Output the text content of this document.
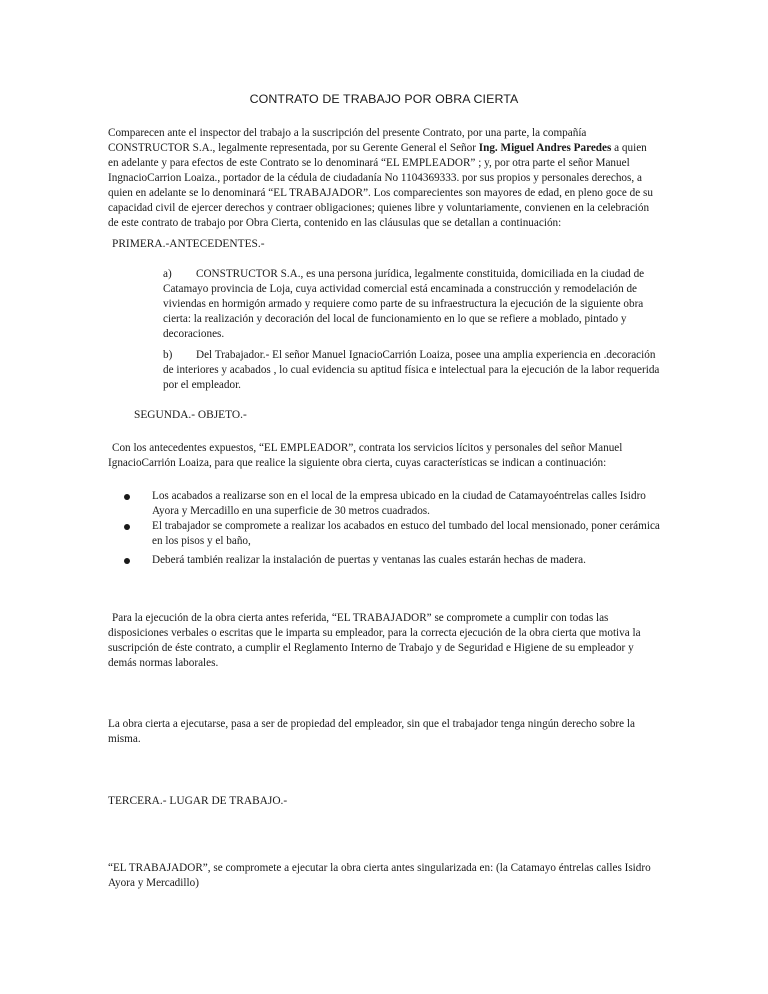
CONTRATO DE TRABAJO POR OBRA CIERTA
Comparecen ante el inspector del trabajo a la suscripción del presente Contrato, por una parte, la compañía CONSTRUCTOR S.A., legalmente representada, por su Gerente General el Señor Ing. Miguel Andres Paredes a quien en adelante y para efectos de este Contrato se lo denominará “EL EMPLEADOR” ; y, por otra parte el señor Manuel IngnacioCarrion Loaiza., portador de la cédula de ciudadanía No 1104369333. por sus propios y personales derechos, a quien en adelante se lo denominará “EL TRABAJADOR”. Los comparecientes son mayores de edad, en pleno goce de su capacidad civil de ejercer derechos y contraer obligaciones; quienes libre y voluntariamente, convienen en la celebración de este contrato de trabajo por Obra Cierta, contenido en las cláusulas que se detallan a continuación:
PRIMERA.-ANTECEDENTES.-
a)	CONSTRUCTOR S.A., es una persona jurídica, legalmente constituida, domiciliada en la ciudad de Catamayo provincia de Loja, cuya actividad comercial está encaminada a construcción y remodelación de viviendas en hormigón armado y requiere como parte de su infraestructura la ejecución de la siguiente obra cierta: la realización y decoración del local de funcionamiento en lo que se refiere a moblado, pintado y decoraciones.
b)	Del Trabajador.- El señor Manuel IgnacioCarrión Loaiza, posee una amplia experiencia en .decoración de interiores y acabados , lo cual evidencia su aptitud física e intelectual para la ejecución de la labor requerida por el empleador.
SEGUNDA.- OBJETO.-
Con los antecedentes expuestos, “EL EMPLEADOR”, contrata los servicios lícitos y personales del señor Manuel IgnacioCarrión Loaiza, para que realice la siguiente obra cierta, cuyas características se indican a continuación:
Los acabados a realizarse son en el local de la empresa ubicado en la ciudad de Catamayoéntrelas calles Isidro Ayora y Mercadillo en una superficie de 30 metros cuadrados.
El trabajador se compromete a realizar los acabados en estuco del tumbado del local mensionado, poner cerámica en los pisos y el baño,
Deberá también realizar la instalación de puertas y ventanas las cuales estarán hechas de madera.
Para la ejecución de la obra cierta antes referida, “EL TRABAJADOR” se compromete a cumplir con todas las disposiciones verbales o escritas que le imparta su empleador, para la correcta ejecución de la obra cierta que motiva la suscripción de éste contrato, a cumplir el Reglamento Interno de Trabajo y de Seguridad e Higiene de su empleador y demás normas laborales.
La obra cierta a ejecutarse, pasa a ser de propiedad del empleador, sin que el trabajador tenga ningún derecho sobre la misma.
TERCERA.- LUGAR DE TRABAJO.-
“EL TRABAJADOR”, se compromete a ejecutar la obra cierta antes singularizada en: (la Catamayo éntrelas calles Isidro Ayora y Mercadillo)
